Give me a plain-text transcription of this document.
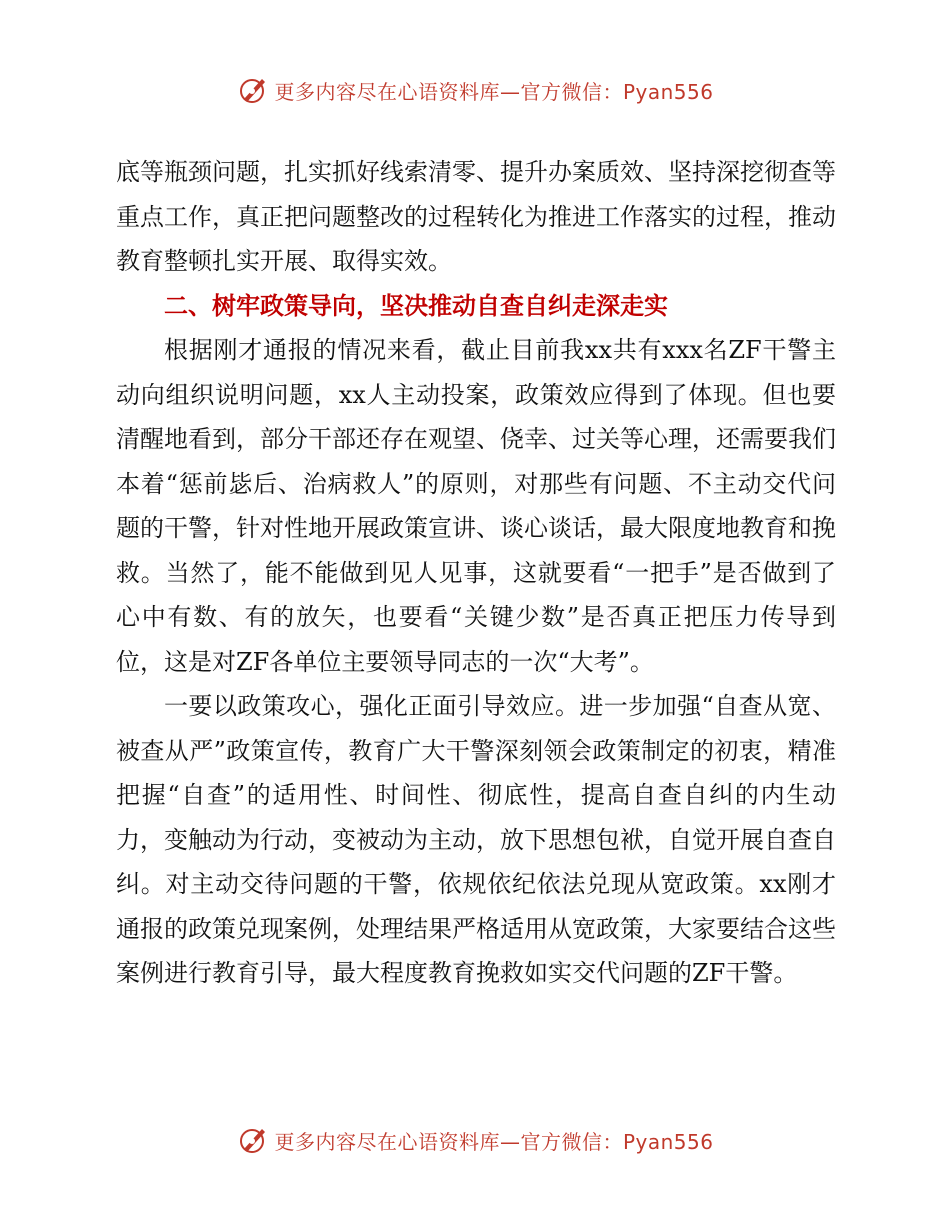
更多内容尽在心语资料库—官方微信：Pyan556

底等瓶颈问题，扎实抓好线索清零、提升办案质效、坚持深挖彻查等重点工作，真正把问题整改的过程转化为推进工作落实的过程，推动教育整顿扎实开展、取得实效。

二、树牢政策导向，坚决推动自查自纠走深走实

根据刚才通报的情况来看，截止目前我xx共有xxx名ZF干警主动向组织说明问题，xx人主动投案，政策效应得到了体现。但也要清醒地看到，部分干部还存在观望、侥幸、过关等心理，还需要我们本着“惩前毖后、治病救人”的原则，对那些有问题、不主动交代问题的干警，针对性地开展政策宣讲、谈心谈话，最大限度地教育和挽救。当然了，能不能做到见人见事，这就要看“一把手”是否做到了心中有数、有的放矢，也要看“关键少数”是否真正把压力传导到位，这是对ZF各单位主要领导同志的一次“大考”。

一要以政策攻心，强化正面引导效应。进一步加强“自查从宽、被查从严”政策宣传，教育广大干警深刻领会政策制定的初衷，精准把握“自查”的适用性、时间性、彻底性，提高自查自纠的内生动力，变触动为行动，变被动为主动，放下思想包袱，自觉开展自查自纠。对主动交待问题的干警，依规依纪依法兑现从宽政策。xx刚才通报的政策兑现案例，处理结果严格适用从宽政策，大家要结合这些案例进行教育引导，最大程度教育挽救如实交代问题的ZF干警。

更多内容尽在心语资料库—官方微信：Pyan556
